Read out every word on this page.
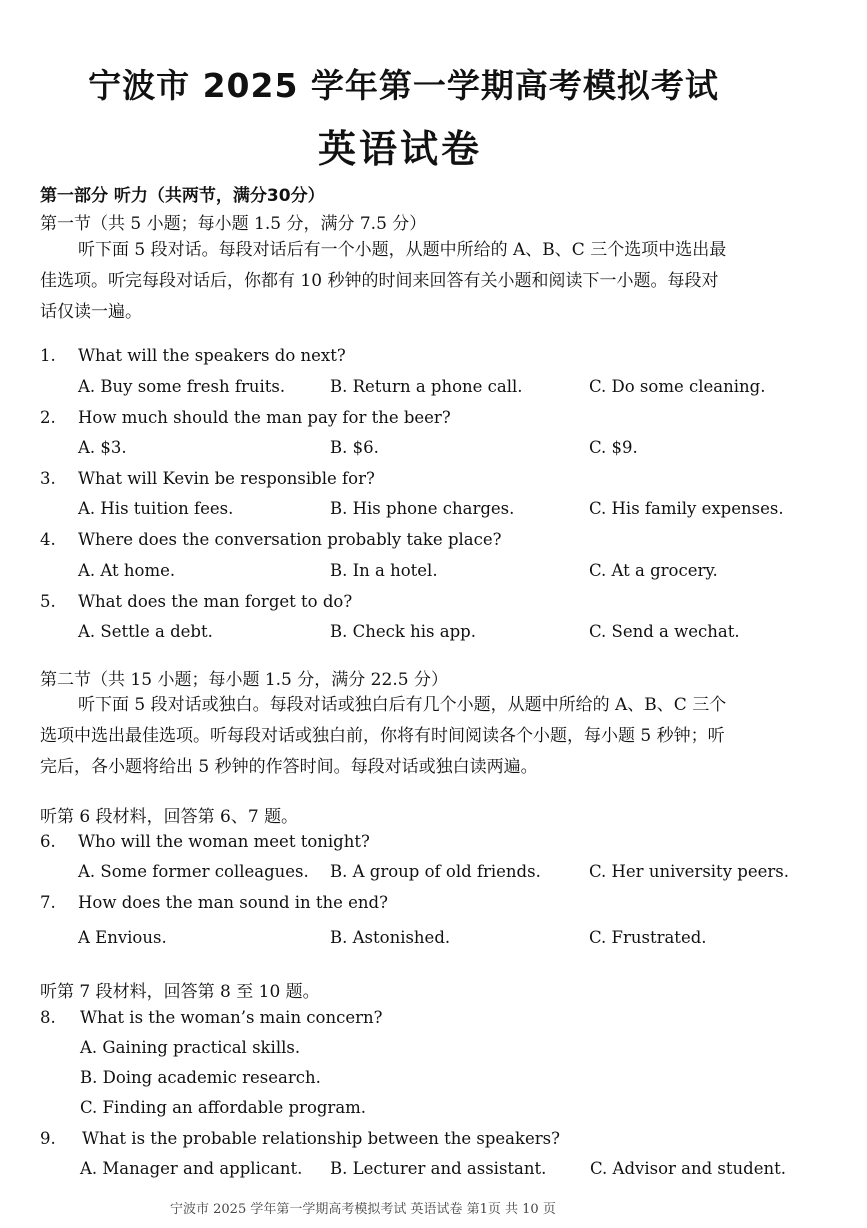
宁波市 2025 学年第一学期高考模拟考试
英语试卷
第一部分 听力（共两节，满分30分）
第一节（共 5 小题；每小题 1.5 分，满分 7.5 分）
听下面 5 段对话。每段对话后有一个小题，从题中所给的 A、B、C 三个选项中选出最
佳选项。听完每段对话后，你都有 10 秒钟的时间来回答有关小题和阅读下一小题。每段对
话仅读一遍。
1. What will the speakers do next?
A. Buy some fresh fruits.	B. Return a phone call.	C. Do some cleaning.
2. How much should the man pay for the beer?
A. $3.	B. $6.	C. $9.
3. What will Kevin be responsible for?
A. His tuition fees.	B. His phone charges.	C. His family expenses.
4. Where does the conversation probably take place?
A. At home.	B. In a hotel.	C. At a grocery.
5. What does the man forget to do?
A. Settle a debt.	B. Check his app.	C. Send a wechat.
第二节（共 15 小题；每小题 1.5 分，满分 22.5 分）
听下面 5 段对话或独白。每段对话或独白后有几个小题，从题中所给的 A、B、C 三个
选项中选出最佳选项。听每段对话或独白前，你将有时间阅读各个小题，每小题 5 秒钟；听
完后，各小题将给出 5 秒钟的作答时间。每段对话或独白读两遍。
听第 6 段材料，回答第 6、7 题。
6. Who will the woman meet tonight?
A. Some former colleagues. B. A group of old friends.	C. Her university peers.
7. How does the man sound in the end?
A Envious.	B. Astonished.	C. Frustrated.
听第 7 段材料，回答第 8 至 10 题。
8. What is the woman’s main concern?
A. Gaining practical skills.
B. Doing academic research.
C. Finding an affordable program.
9. What is the probable relationship between the speakers?
A. Manager and applicant. B. Lecturer and assistant.	C. Advisor and student.
宁波市 2025 学年第一学期高考模拟考试 英语试卷 第1页 共 10 页
